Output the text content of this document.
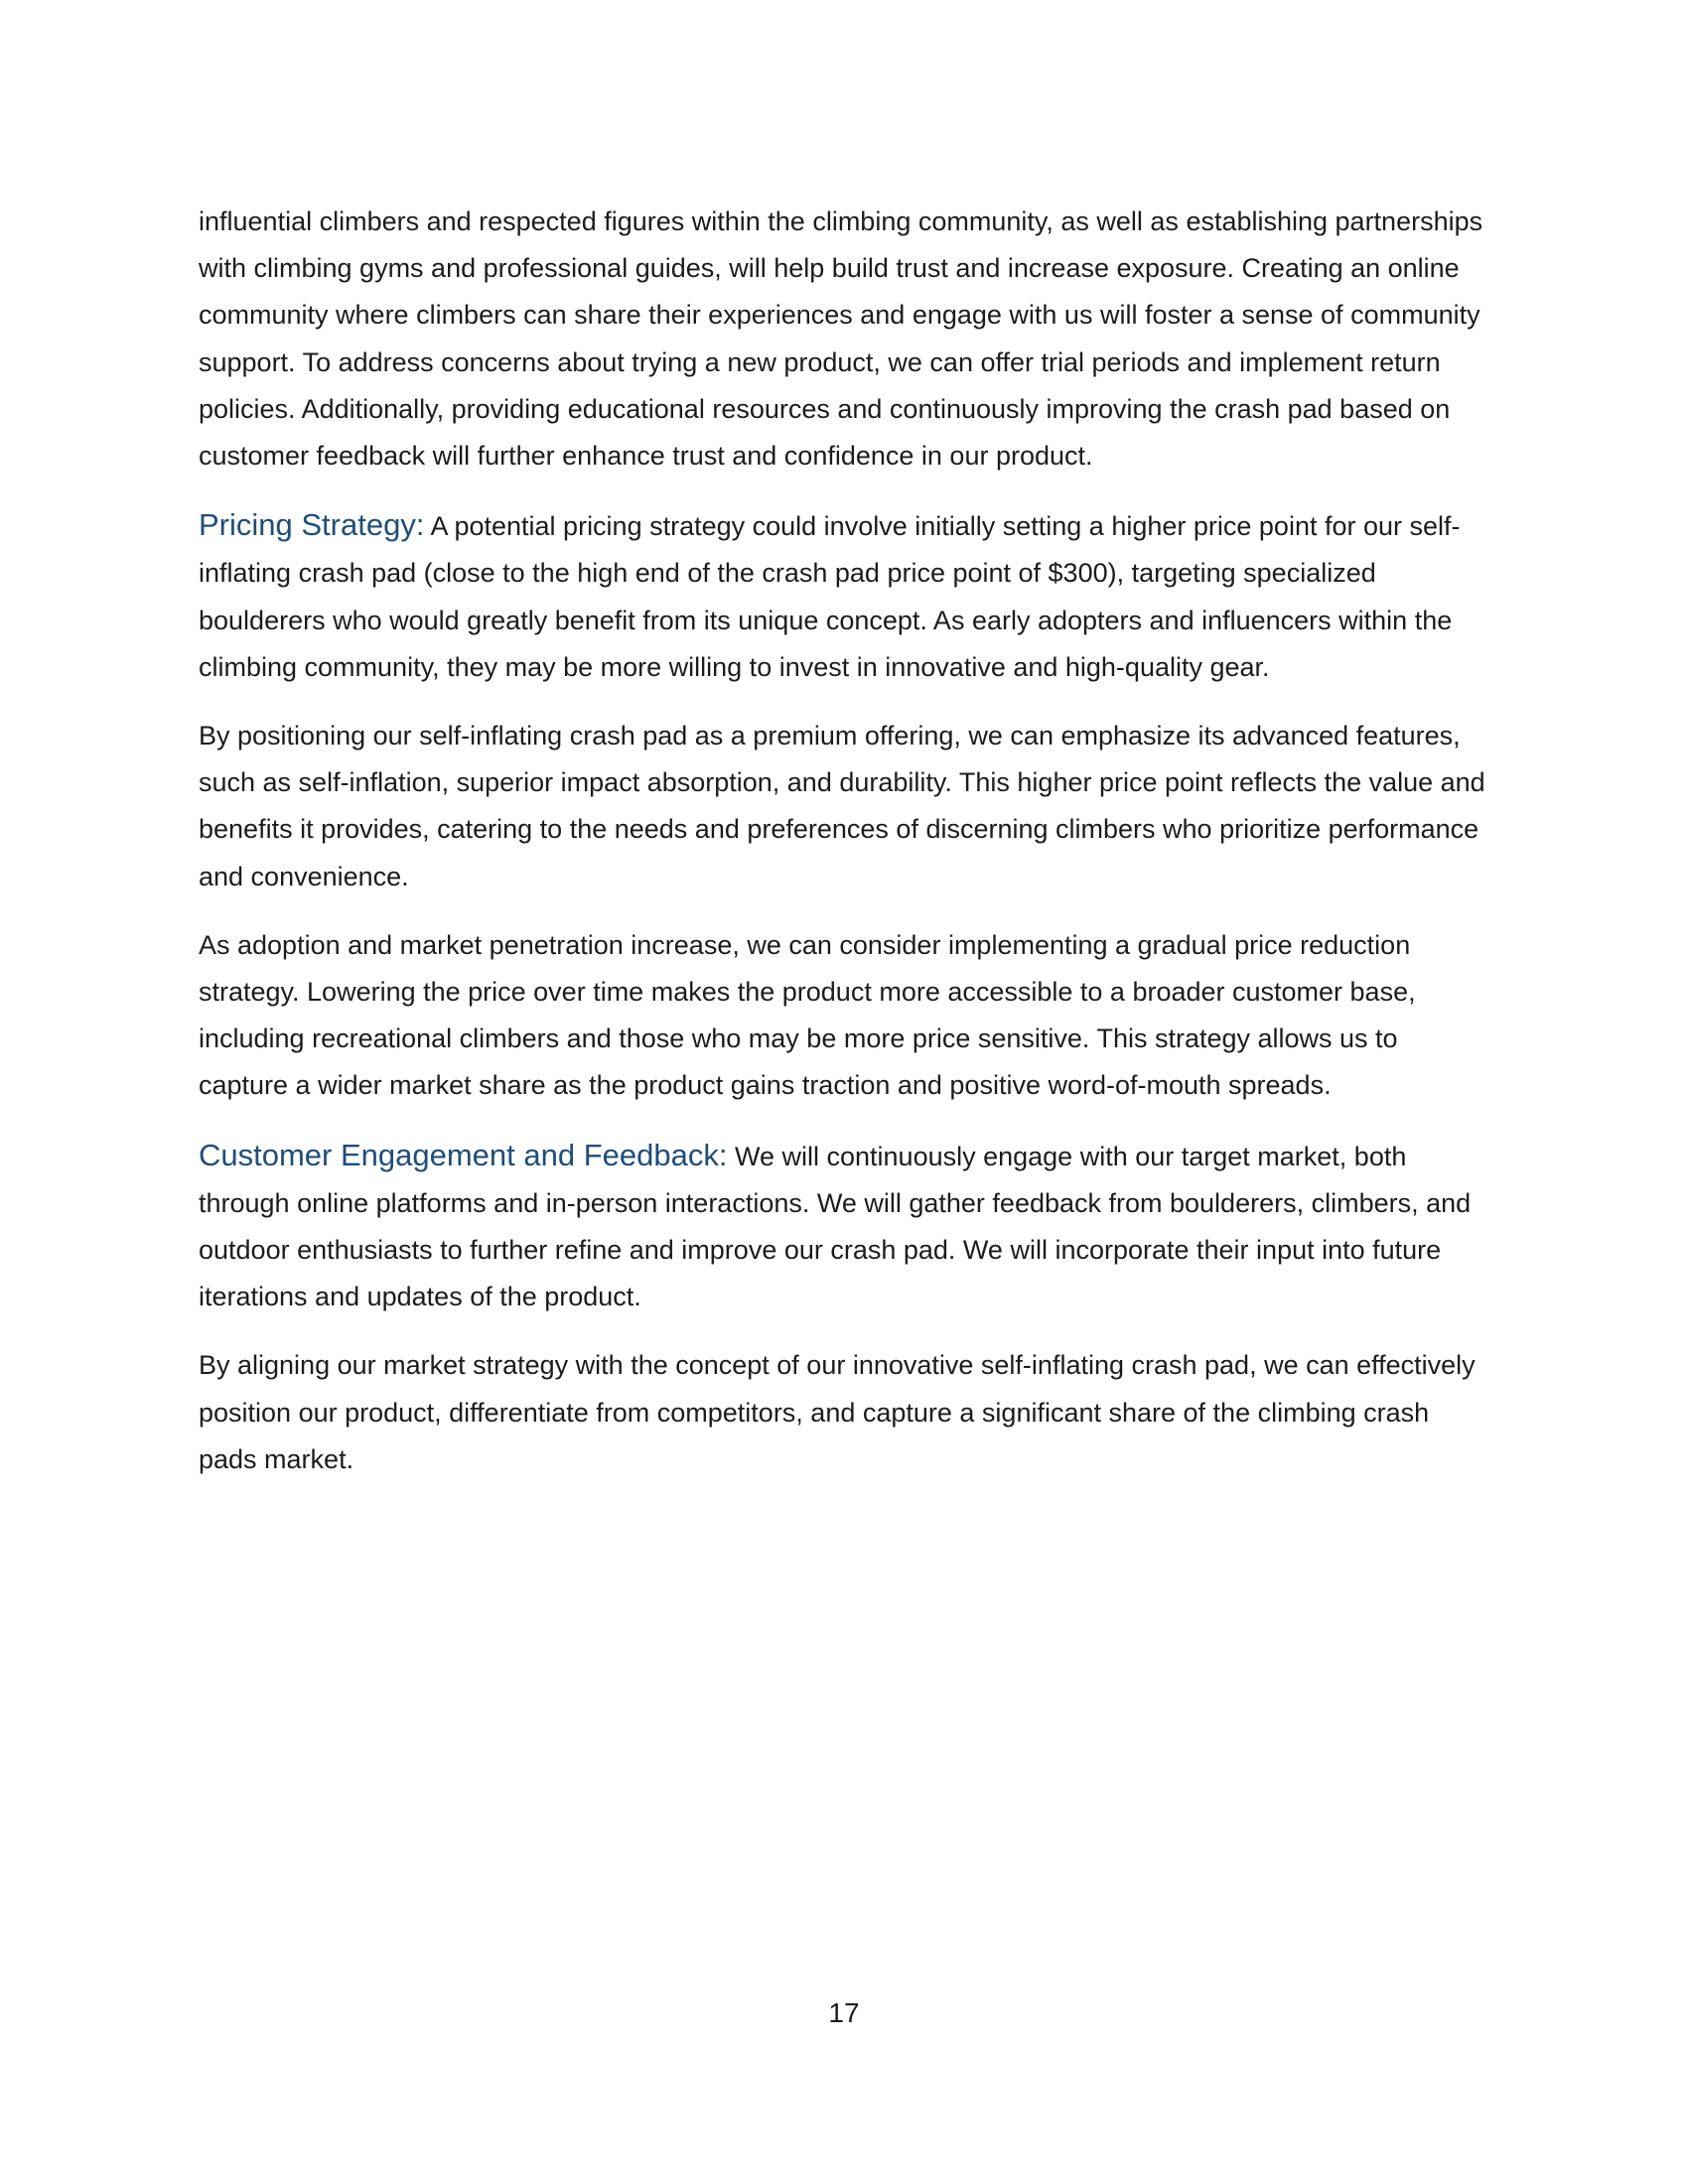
influential climbers and respected figures within the climbing community, as well as establishing partnerships with climbing gyms and professional guides, will help build trust and increase exposure. Creating an online community where climbers can share their experiences and engage with us will foster a sense of community support. To address concerns about trying a new product, we can offer trial periods and implement return policies. Additionally, providing educational resources and continuously improving the crash pad based on customer feedback will further enhance trust and confidence in our product.

Pricing Strategy: A potential pricing strategy could involve initially setting a higher price point for our self-inflating crash pad (close to the high end of the crash pad price point of $300), targeting specialized boulderers who would greatly benefit from its unique concept. As early adopters and influencers within the climbing community, they may be more willing to invest in innovative and high-quality gear.

By positioning our self-inflating crash pad as a premium offering, we can emphasize its advanced features, such as self-inflation, superior impact absorption, and durability. This higher price point reflects the value and benefits it provides, catering to the needs and preferences of discerning climbers who prioritize performance and convenience.

As adoption and market penetration increase, we can consider implementing a gradual price reduction strategy. Lowering the price over time makes the product more accessible to a broader customer base, including recreational climbers and those who may be more price sensitive. This strategy allows us to capture a wider market share as the product gains traction and positive word-of-mouth spreads.

Customer Engagement and Feedback: We will continuously engage with our target market, both through online platforms and in-person interactions. We will gather feedback from boulderers, climbers, and outdoor enthusiasts to further refine and improve our crash pad. We will incorporate their input into future iterations and updates of the product.

By aligning our market strategy with the concept of our innovative self-inflating crash pad, we can effectively position our product, differentiate from competitors, and capture a significant share of the climbing crash pads market.

17
